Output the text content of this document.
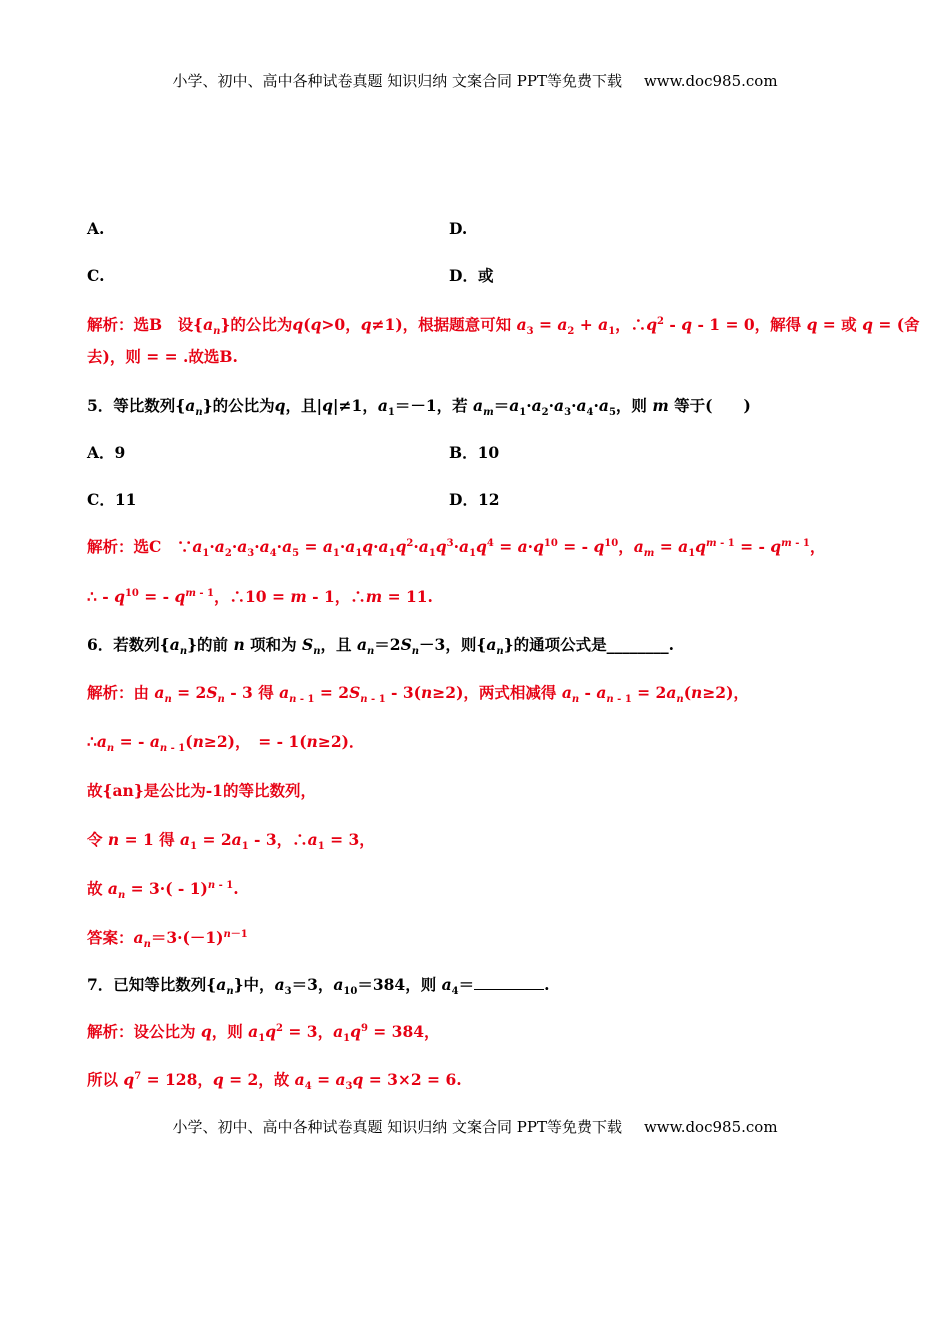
小学、初中、高中各种试卷真题 知识归纳 文案合同 PPT等免费下载 www.doc985.com
A.	D.
C.	D．或
解析：选B　设$\{a_n\}$的公比为q(q>0，q≠1)，根据题意可知 $a_3 = a_2 + a_1$，$\therefore q^2 - q - 1 = 0$，解得 q = 或 q = (舍
去)，则 = = .故选B.
5．等比数列$\{a_n\}$的公比为q，且|q|≠1，$a_1=-1$，若 $a_m=a_1\cdot a_2\cdot a_3\cdot a_4\cdot a_5$，则 m 等于(　　)
A．9	B．10
C．11	D．12
解析：选C　$\because a_1\cdot a_2\cdot a_3\cdot a_4\cdot a_5 = a_1\cdot a_1q\cdot a_1q^2\cdot a_1q^3\cdot a_1q^4 = a\cdot q^{10}$ = - $q^{10}$，$a_m = a_1q^{m - 1}$ = - $q^{m - 1}$，
∴ - $q^{10}$ = - $q^{m - 1}$，∴10 = m - 1，∴m = 11.
6．若数列$\{a_n\}$的前 n 项和为 $S_n$，且 $a_n=2S_n-3$，则$\{a_n\}$的通项公式是________.
解析：由 $a_n = 2S_n - 3$ 得 $a_{n - 1} = 2S_{n - 1} - 3(n\ge 2)$，两式相减得 $a_n - a_{n - 1} = 2a_n(n\ge 2)$，
$\therefore a_n$ = - $a_{n - 1}(n\ge 2)$，　= - 1(n≥2)．
故{an}是公比为-1的等比数列，
令 n = 1 得 $a_1 = 2a_1 - 3$，$\therefore a_1 = 3$，
故 $a_n = 3\cdot( - 1)^{n - 1}$.
答案：$a_n=3\cdot(-1)^{n-1}$
7．已知等比数列$\{a_n\}$中，$a_3=3$，$a_{10}=384$，则 $a_4=$	.
解析：设公比为 q，则 $a_1q^2 = 3$，$a_1q^9 = 384$，
所以 $q^7 = 128$，q = 2，故 $a_4 = a_3q = 3\times 2 = 6$.
小学、初中、高中各种试卷真题 知识归纳 文案合同 PPT等免费下载 www.doc985.com
